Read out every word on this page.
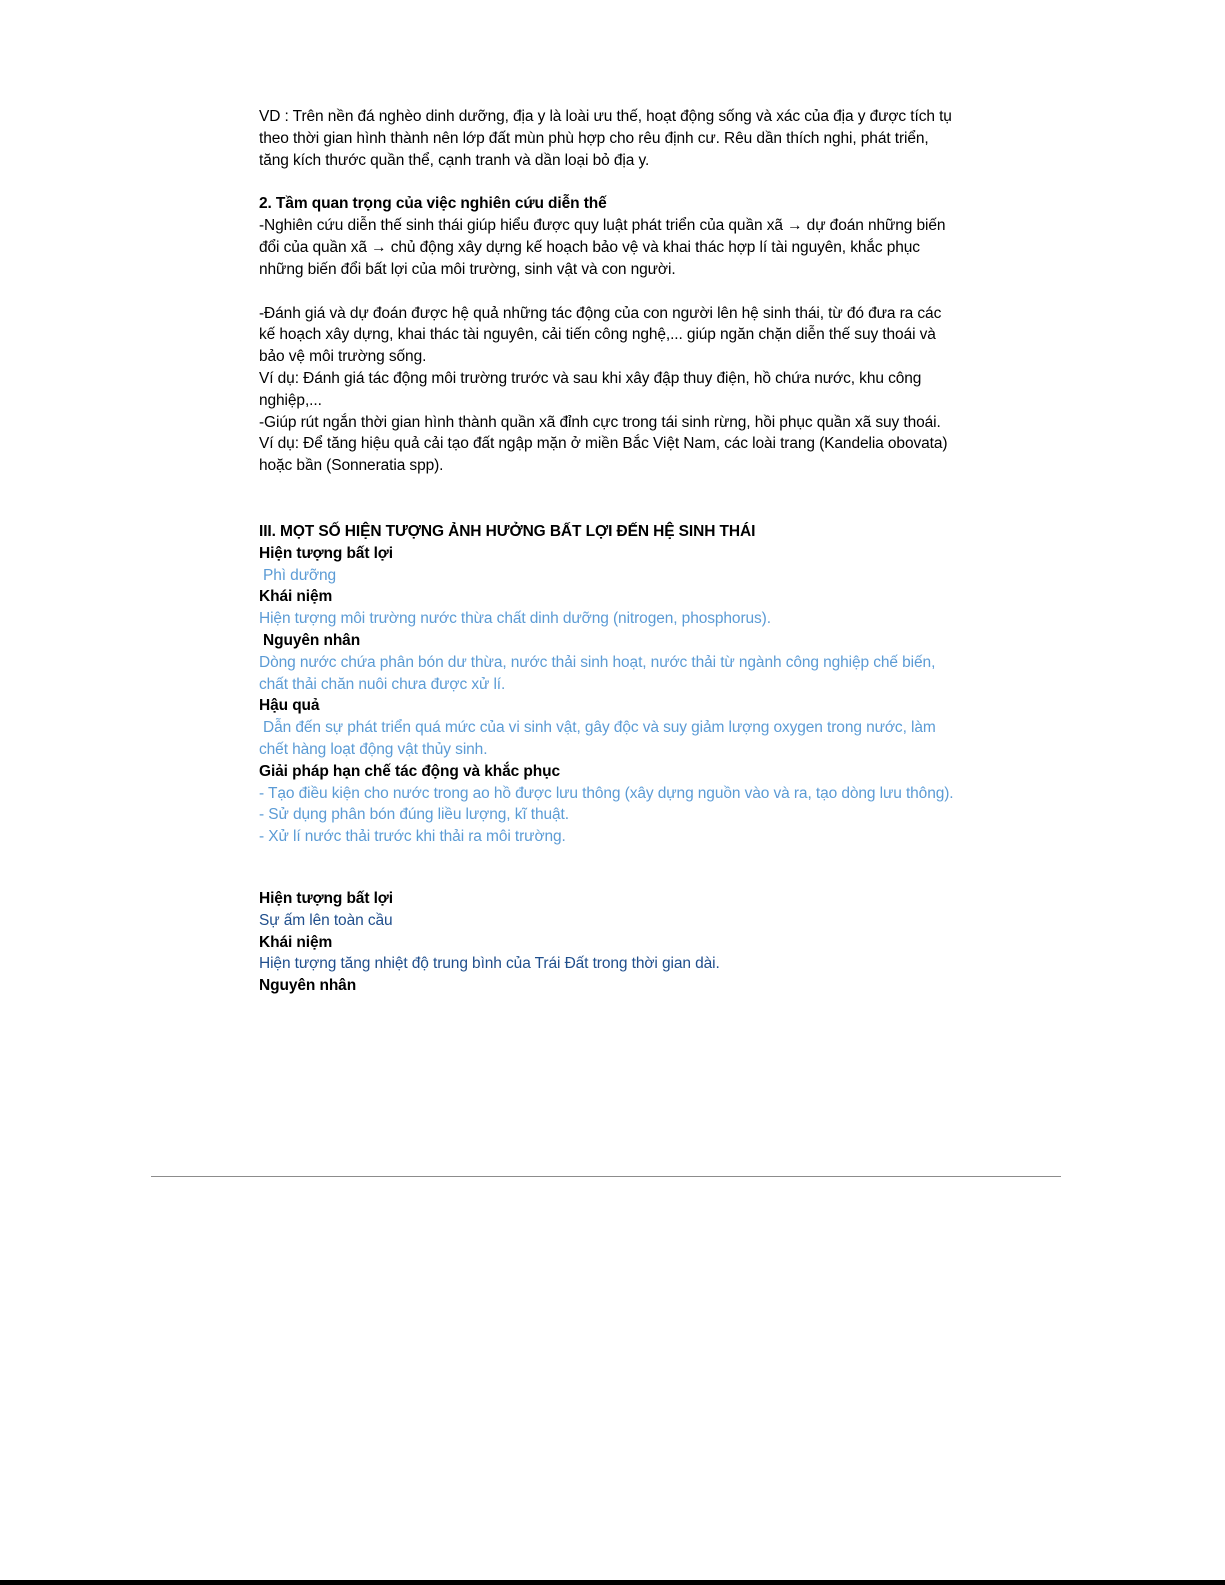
VD : Trên nền đá nghèo dinh dưỡng, địa y là loài ưu thế, hoạt động sống và xác của địa y được tích tụ theo thời gian hình thành nên lớp đất mùn phù hợp cho rêu định cư. Rêu dần thích nghi, phát triển, tăng kích thước quần thể, cạnh tranh và dần loại bỏ địa y.

2. Tầm quan trọng của việc nghiên cứu diễn thế

-Nghiên cứu diễn thế sinh thái giúp hiểu được quy luật phát triển của quần xã → dự đoán những biến đổi của quần xã → chủ động xây dựng kế hoạch bảo vệ và khai thác hợp lí tài nguyên, khắc phục những biến đổi bất lợi của môi trường, sinh vật và con người.

-Đánh giá và dự đoán được hệ quả những tác động của con người lên hệ sinh thái, từ đó đưa ra các kế hoạch xây dựng, khai thác tài nguyên, cải tiến công nghệ,... giúp ngăn chặn diễn thế suy thoái và bảo vệ môi trường sống.

Ví dụ: Đánh giá tác động môi trường trước và sau khi xây đập thuy điện, hồ chứa nước, khu công nghiệp,...

-Giúp rút ngắn thời gian hình thành quần xã đỉnh cực trong tái sinh rừng, hồi phục quần xã suy thoái.

Ví dụ: Để tăng hiệu quả cải tạo đất ngập mặn ở miền Bắc Việt Nam, các loài trang (Kandelia obovata) hoặc bần (Sonneratia spp).

III. MỌT SỐ HIỆN TƯỢNG ẢNH HƯỞNG BẤT LỢI ĐẾN HỆ SINH THÁI

Hiện tượng bất lợi

Phì dưỡng

Khái niệm

Hiện tượng môi trường nước thừa chất dinh dưỡng (nitrogen, phosphorus).

Nguyên nhân

Dòng nước chứa phân bón dư thừa, nước thải sinh hoạt, nước thải từ ngành công nghiệp chế biến, chất thải chăn nuôi chưa được xử lí.

Hậu quả

Dẫn đến sự phát triển quá mức của vi sinh vật, gây độc và suy giảm lượng oxygen trong nước, làm chết hàng loạt động vật thủy sinh.

Giải pháp hạn chế tác động và khắc phục

- Tạo điều kiện cho nước trong ao hồ được lưu thông (xây dựng nguồn vào và ra, tạo dòng lưu thông).

- Sử dụng phân bón đúng liều lượng, kĩ thuật.

- Xử lí nước thải trước khi thải ra môi trường.

Hiện tượng bất lợi

Sự ấm lên toàn cầu

Khái niệm

Hiện tượng tăng nhiệt độ trung bình của Trái Đất trong thời gian dài.

Nguyên nhân
